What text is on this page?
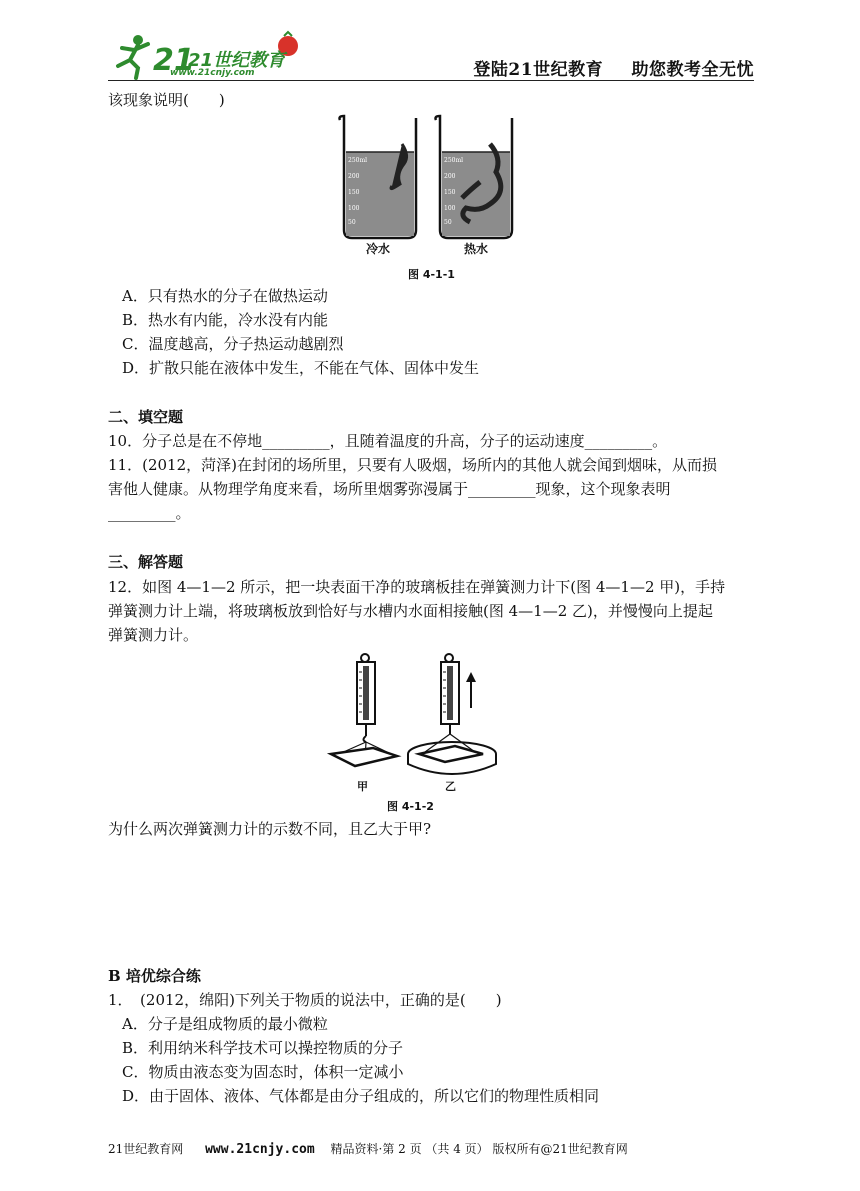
21
21世纪教育
www.21cnjy.com	登陆21世纪教育 助您教考全无忧
该现象说明(　　)
250ml
200
150
100
50
250ml
200
150
100
50
冷水	热水
图 4-1-1
A．只有热水的分子在做热运动
B．热水有内能，冷水没有内能
C．温度越高，分子热运动越剧烈
D．扩散只能在液体中发生，不能在气体、固体中发生
二、填空题
10．分子总是在不停地_________，且随着温度的升高，分子的运动速度_________。
11．(2012，菏泽)在封闭的场所里，只要有人吸烟，场所内的其他人就会闻到烟味，从而损
害他人健康。从物理学角度来看，场所里烟雾弥漫属于_________现象，这个现象表明
_________。
三、解答题
12．如图 4—1—2 所示，把一块表面干净的玻璃板挂在弹簧测力计下(图 4—1—2 甲)，手持
弹簧测力计上端，将玻璃板放到恰好与水槽内水面相接触(图 4—1—2 乙)，并慢慢向上提起
弹簧测力计。
甲	乙
图 4-1-2
为什么两次弹簧测力计的示数不同，且乙大于甲?
B 培优综合练
1．　(2012，绵阳)下列关于物质的说法中，正确的是(　　)
A．分子是组成物质的最小微粒
B．利用纳米科学技术可以操控物质的分子
C．物质由液态变为固态时，体积一定减小
D．由于固体、液体、气体都是由分子组成的，所以它们的物理性质相同
21世纪教育网 www.21cnjy.com 精品资料·第 2 页 （共 4 页） 版权所有@21世纪教育网
